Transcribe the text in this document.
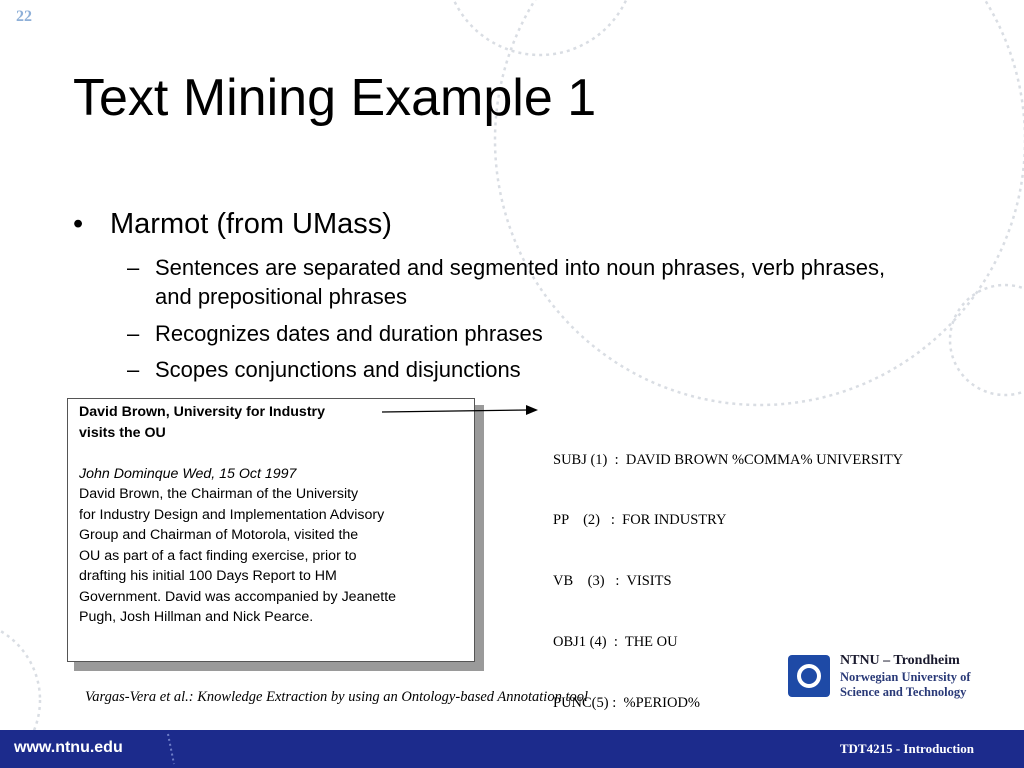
22
Text Mining Example 1
• Marmot (from UMass)
– Sentences are separated and segmented into noun phrases, verb phrases, and prepositional phrases
– Recognizes dates and duration phrases
– Scopes conjunctions and disjunctions
David Brown, University for Industry
visits the OU

John Dominque Wed, 15 Oct 1997
David Brown, the Chairman of the University
for Industry Design and Implementation Advisory
Group and Chairman of Motorola, visited the
OU as part of a fact finding exercise, prior to
drafting his initial 100 Days Report to HM
Government. David was accompanied by Jeanette
Pugh, Josh Hillman and Nick Pearce.

SUBJ (1)  :  DAVID BROWN %COMMA% UNIVERSITY

PP    (2)   :  FOR INDUSTRY

VB    (3)   :  VISITS

OBJ1 (4)  :  THE OU

PUNC(5) :  %PERIOD%

Vargas-Vera et al.: Knowledge Extraction by using an Ontology-based Annotation tool
NTNU – Trondheim
Norwegian University of
Science and Technology
www.ntnu.edu	TDT4215 - Introduction
